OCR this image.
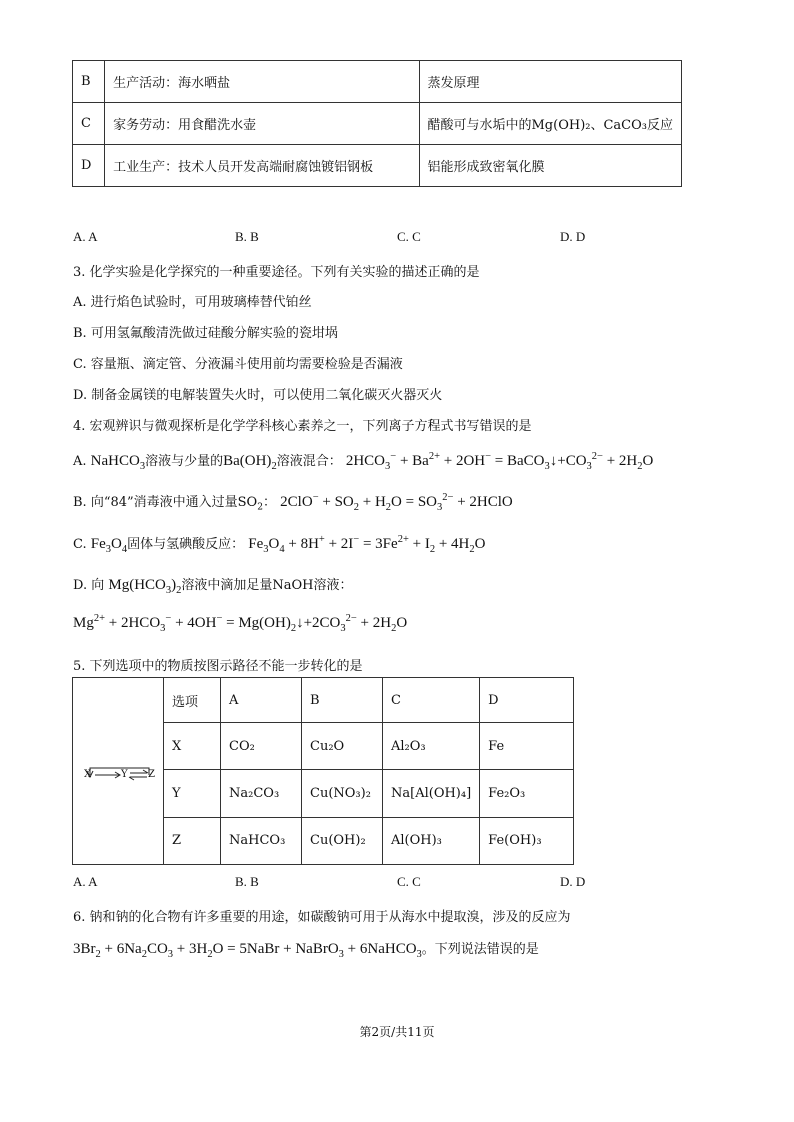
B	生产活动：海水晒盐	蒸发原理
C	家务劳动：用食醋洗水壶	醋酸可与水垢中的Mg(OH)₂、CaCO₃反应
D	工业生产：技术人员开发高端耐腐蚀镀铝钢板	铝能形成致密氧化膜
A. A	B. B	C. C	D. D
3. 化学实验是化学探究的一种重要途径。下列有关实验的描述正确的是
A. 进行焰色试验时，可用玻璃棒替代铂丝
B. 可用氢氟酸清洗做过硅酸分解实验的瓷坩埚
C. 容量瓶、滴定管、分液漏斗使用前均需要检验是否漏液
D. 制备金属镁的电解装置失火时，可以使用二氧化碳灭火器灭火
4. 宏观辨识与微观探析是化学学科核心素养之一，下列离子方程式书写错误的是
A. NaHCO$_3$溶液与少量的$Ba(OH)_2$溶液混合： $2HCO_3^- + Ba^{2+} + 2OH^-$ = $BaCO_3↓+CO_3^{2-} + 2H_2O$
B. 向“84”消毒液中通入过量$SO_2$： $2ClO^- + SO_2 + H_2O = SO_3^{2-}$ + 2HClO
C. $Fe_3O_4$固体与氢碘酸反应： $Fe_3O_4 + 8H^+ + 2I^- = 3Fe^{2+} + I_2 + 4H_2O$
D. 向 $Mg(HCO_3)_2$溶液中滴加足量NaOH溶液：
$Mg^{2+} + 2HCO_3^- + 4OH^-$ = $Mg(OH)_2↓+2CO_3^{2-} + 2H_2O$
5. 下列选项中的物质按图示路径不能一步转化的是
X Y Z	选项	A	B	C	D
	X	CO₂	Cu₂O	Al₂O₃	Fe
	Y	Na₂CO₃	Cu(NO₃)₂	Na[Al(OH)₄]	Fe₂O₃
	Z	NaHCO₃	Cu(OH)₂	Al(OH)₃	Fe(OH)₃
A. A	B. B	C. C	D. D
6. 钠和钠的化合物有许多重要的用途，如碳酸钠可用于从海水中提取溴，涉及的反应为
$3Br_2 + 6Na_2CO_3 + 3H_2O$ = 5NaBr + NaBrO$_3$ + 6NaHCO$_3$。下列说法错误的是
第2页/共11页
